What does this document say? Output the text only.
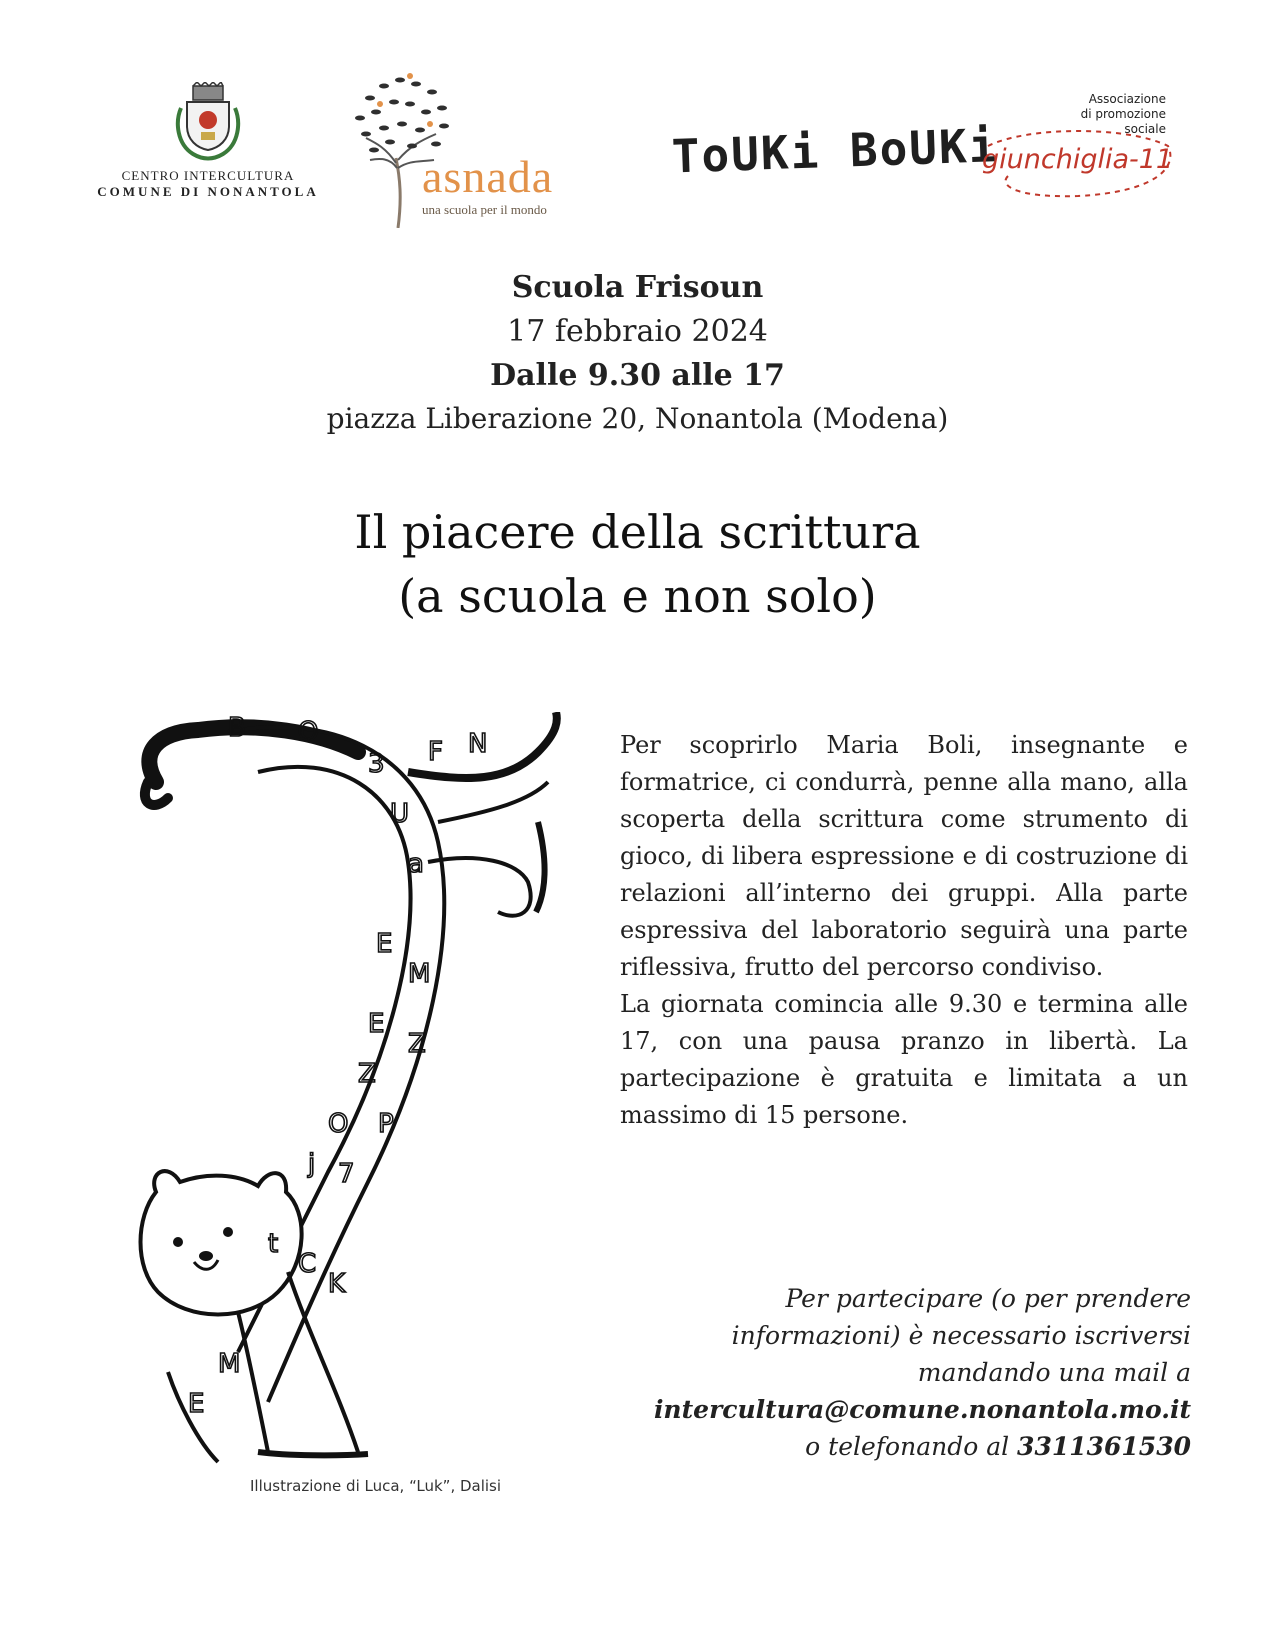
CENTRO INTERCULTURA
COMUNE DI NONANTOLA asnada
una scuola per il mondo
ToUKi BoUKi
Associazione
di promozione
sociale
giunchiglia-11
Scuola Frisoun
17 febbraio 2024
Dalle 9.30 alle 17
piazza Liberazione 20, Nonantola (Modena)
Il piacere della scrittura
(a scuola e non solo)
B O
3 F N
U
a
E
M
E
Z
Z
P
O
j 7
t
C
K
M
E
Illustrazione di Luca, “Luk”, Dalisi

Per scoprirlo Maria Boli, insegnante e formatrice, ci condurrà, penne alla mano, alla scoperta della scrittura come strumento di gioco, di libera espressione e di costruzione di relazioni all’interno dei gruppi. Alla parte espressiva del laboratorio seguirà una parte riflessiva, frutto del percorso condiviso.

La giornata comincia alle 9.30 e termina alle 17, con una pausa pranzo in libertà. La partecipazione è gratuita e limitata a un massimo di 15 persone.

Per partecipare (o per prendere
informazioni) è necessario iscriversi
mandando una mail a
intercultura@comune.nonantola.mo.it
o telefonando al 3311361530
